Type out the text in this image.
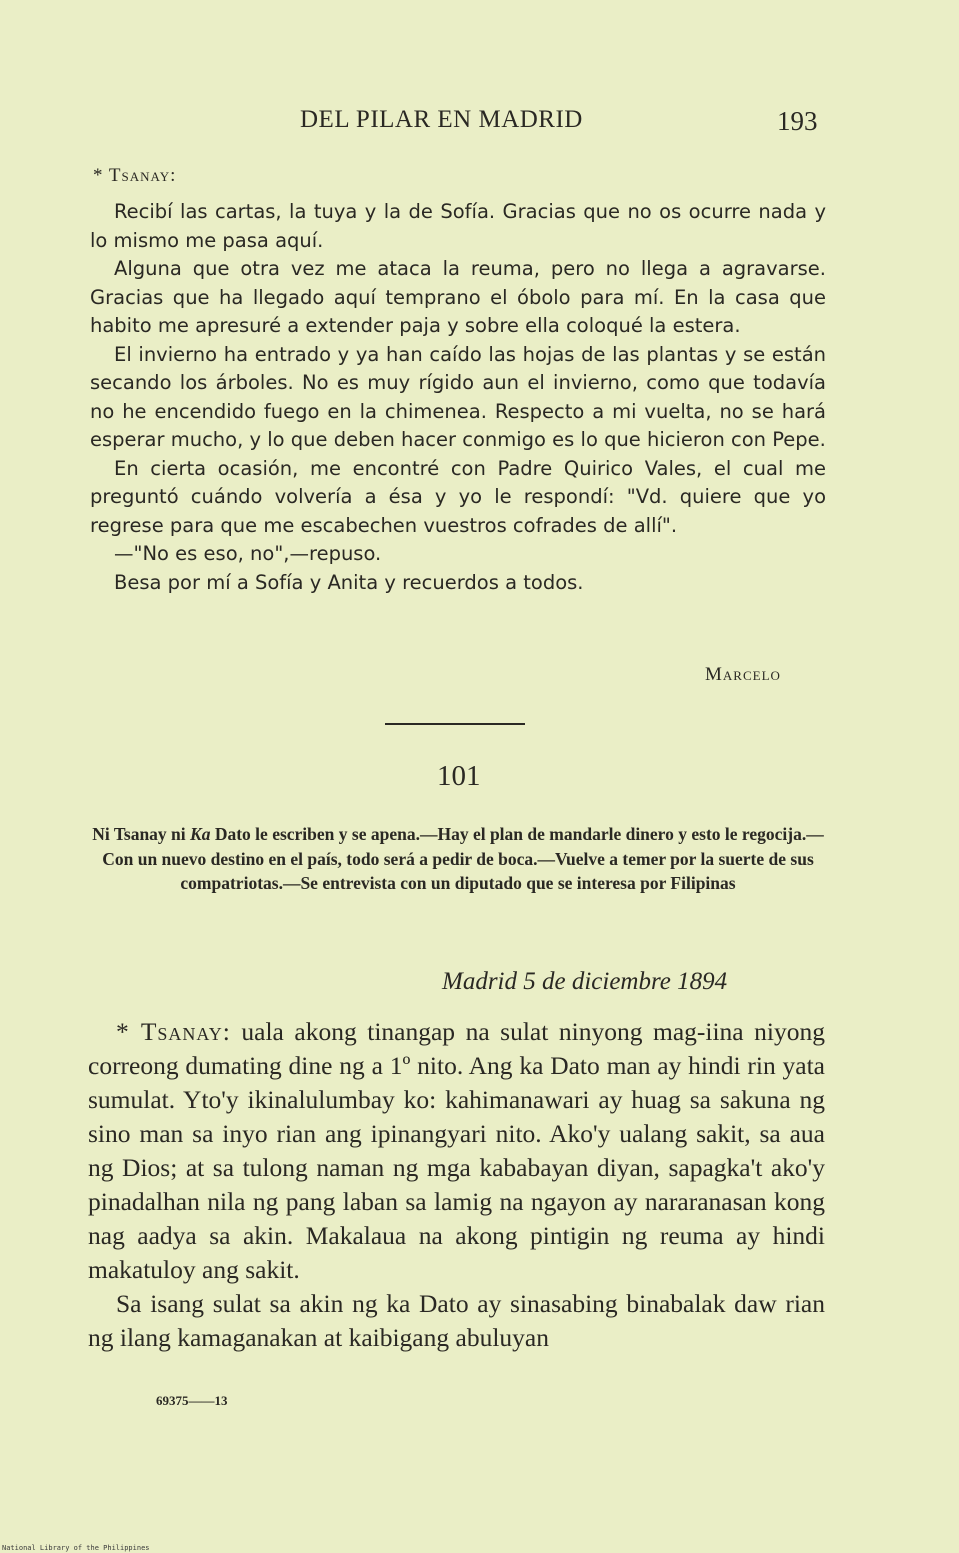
DEL PILAR EN MADRID	193
* Tsanay:

Recibí las cartas, la tuya y la de Sofía. Gracias que no os ocurre nada y lo mismo me pasa aquí.

Alguna que otra vez me ataca la reuma, pero no llega a agravarse. Gracias que ha llegado aquí temprano el óbolo para mí. En la casa que habito me apresuré a extender paja y sobre ella coloqué la estera.

El invierno ha entrado y ya han caído las hojas de las plantas y se están secando los árboles. No es muy rígido aun el invierno, como que todavía no he encendido fuego en la chimenea. Respecto a mi vuelta, no se hará esperar mucho, y lo que deben hacer conmigo es lo que hicieron con Pepe.

En cierta ocasión, me encontré con Padre Quirico Vales, el cual me preguntó cuándo volvería a ésa y yo le respondí: "Vd. quiere que yo regrese para que me escabechen vuestros cofrades de allí".

—"No es eso, no",—repuso.

Besa por mí a Sofía y Anita y recuerdos a todos.

Marcelo
101
Ni Tsanay ni Ka Dato le escriben y se apena.—Hay el plan de mandarle dinero y esto le regocija.—Con un nuevo destino en el país, todo será a pedir de boca.—Vuelve a temer por la suerte de sus compatriotas.—Se entrevista con un diputado que se interesa por Filipinas
Madrid 5 de diciembre 1894

* Tsanay: uala akong tinangap na sulat ninyong mag-iina niyong correong dumating dine ng a 1º nito. Ang ka Dato man ay hindi rin yata sumulat. Yto'y ikinalulumbay ko: kahimanawari ay huag sa sakuna ng sino man sa inyo rian ang ipinangyari nito. Ako'y ualang sakit, sa aua ng Dios; at sa tulong naman ng mga kababayan diyan, sapagka't ako'y pinadalhan nila ng pang laban sa lamig na ngayon ay nararanasan kong nag aadya sa akin. Makalaua na akong pintigin ng reuma ay hindi makatuloy ang sakit.

Sa isang sulat sa akin ng ka Dato ay sinasabing binabalak daw rian ng ilang kamaganakan at kaibigang abuluyan

69375——13
National Library of the Philippines
